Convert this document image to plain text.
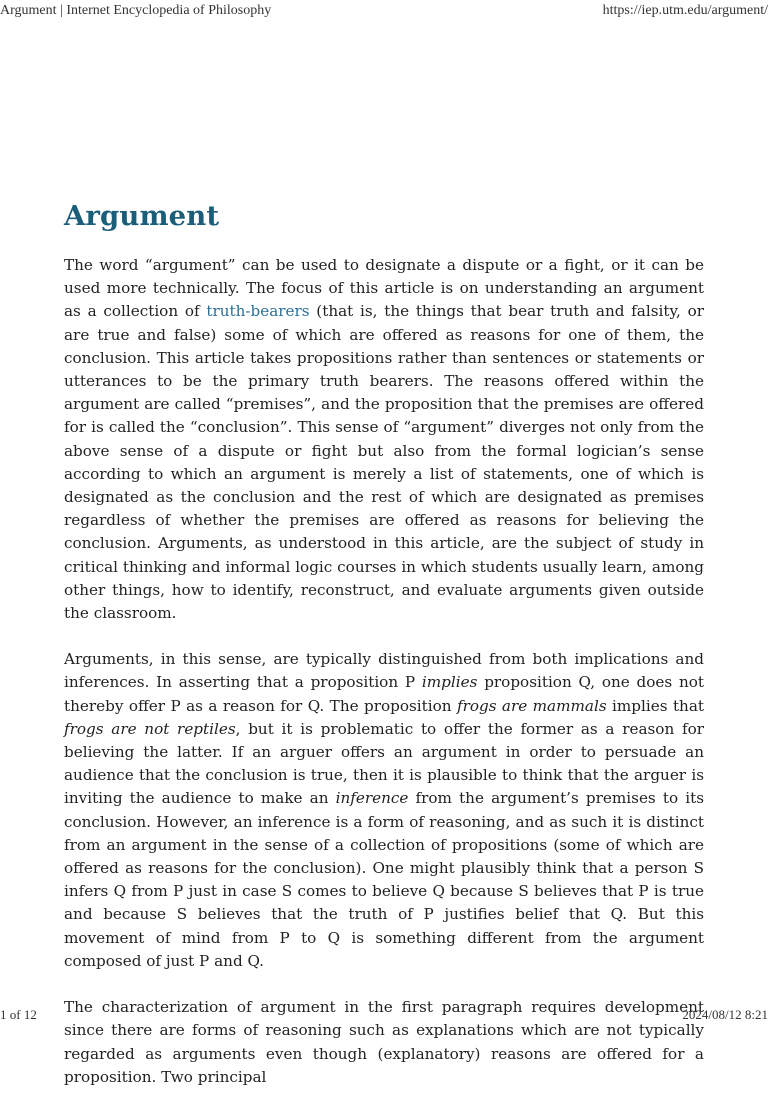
Argument | Internet Encyclopedia of Philosophy	https://iep.utm.edu/argument/
Argument

The word “argument” can be used to designate a dispute or a fight, or it can be used more technically. The focus of this article is on understanding an argument as a collection of truth-bearers (that is, the things that bear truth and falsity, or are true and false) some of which are offered as reasons for one of them, the conclusion. This article takes propositions rather than sentences or statements or utterances to be the primary truth bearers. The reasons offered within the argument are called “premises”, and the proposition that the premises are offered for is called the “conclusion”. This sense of “argument” diverges not only from the above sense of a dispute or fight but also from the formal logician’s sense according to which an argument is merely a list of statements, one of which is designated as the conclusion and the rest of which are designated as premises regardless of whether the premises are offered as reasons for believing the conclusion. Arguments, as understood in this article, are the subject of study in critical thinking and informal logic courses in which students usually learn, among other things, how to identify, reconstruct, and evaluate arguments given outside the classroom.

Arguments, in this sense, are typically distinguished from both implications and inferences. In asserting that a proposition P implies proposition Q, one does not thereby offer P as a reason for Q. The proposition frogs are mammals implies that frogs are not reptiles, but it is problematic to offer the former as a reason for believing the latter. If an arguer offers an argument in order to persuade an audience that the conclusion is true, then it is plausible to think that the arguer is inviting the audience to make an inference from the argument’s premises to its conclusion. However, an inference is a form of reasoning, and as such it is distinct from an argument in the sense of a collection of propositions (some of which are offered as reasons for the conclusion). One might plausibly think that a person S infers Q from P just in case S comes to believe Q because S believes that P is true and because S believes that the truth of P justifies belief that Q. But this movement of mind from P to Q is something different from the argument composed of just P and Q.

The characterization of argument in the first paragraph requires development since there are forms of reasoning such as explanations which are not typically regarded as arguments even though (explanatory) reasons are offered for a proposition. Two principal

1 of 12	2024/08/12 8:21
